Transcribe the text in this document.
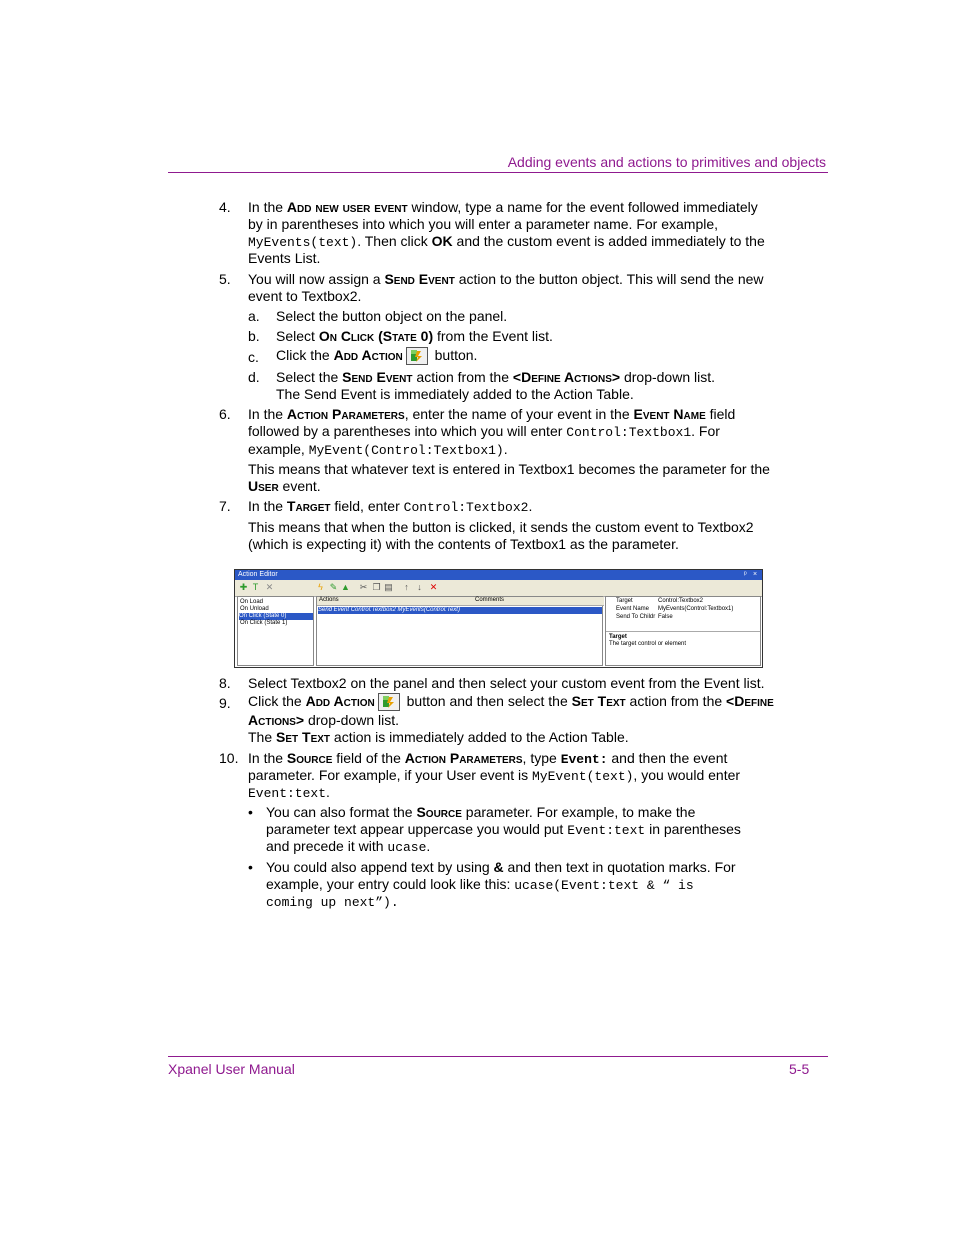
Adding events and actions to primitives and objects
4. In the Add new user event window, type a name for the event followed immediately
by in parentheses into which you will enter a parameter name. For example,
MyEvents(text). Then click OK and the custom event is added immediately to the
Events List.
5. You will now assign a Send Event action to the button object. This will send the new
event to Textbox2.
a. Select the button object on the panel.
b. Select On Click (State 0) from the Event list.
c. Click the Add Action
button.
d. Select the Send Event action from the <Define Actions> drop-down list.
The Send Event is immediately added to the Action Table.
6. In the Action Parameters, enter the name of your event in the Event Name field
followed by a parentheses into which you will enter Control:Textbox1. For
example, MyEvent(Control:Textbox1).
This means that whatever text is entered in Textbox1 becomes the parameter for the
User event.
7. In the Target field, enter Control:Textbox2.
This means that when the button is clicked, it sends the custom event to Textbox2
(which is expecting it) with the contents of Textbox1 as the parameter.
Action Editor	ᵖ ×
✚ T ✕	ϟ ✎ ▲ ✂ ❐ ▤ ↑ ↓ ✕
On Load
On Unload
On Click (State 0)
On Click (State 1)
Actions	Comments
Send Event Control:Textbox2 MyEvents(Control:Text)
Target	Control:Textbox2
Event Name MyEvents(Control:Textbox1)
Send To Childr False
Target
The target control or element
8. Select Textbox2 on the panel and then select your custom event from the Event list.
9. Click the Add Action
button and then select the Set Text action from the <Define
Actions> drop-down list.
The Set Text action is immediately added to the Action Table.
10. In the Source field of the Action Parameters, type Event: and then the event
parameter. For example, if your User event is MyEvent(text), you would enter
Event:text.
• You can also format the Source parameter. For example, to make the
parameter text appear uppercase you would put Event:text in parentheses
and precede it with ucase.
• You could also append text by using & and then text in quotation marks. For
example, your entry could look like this: ucase(Event:text & “ is
coming up next”).
Xpanel User Manual	5-5
